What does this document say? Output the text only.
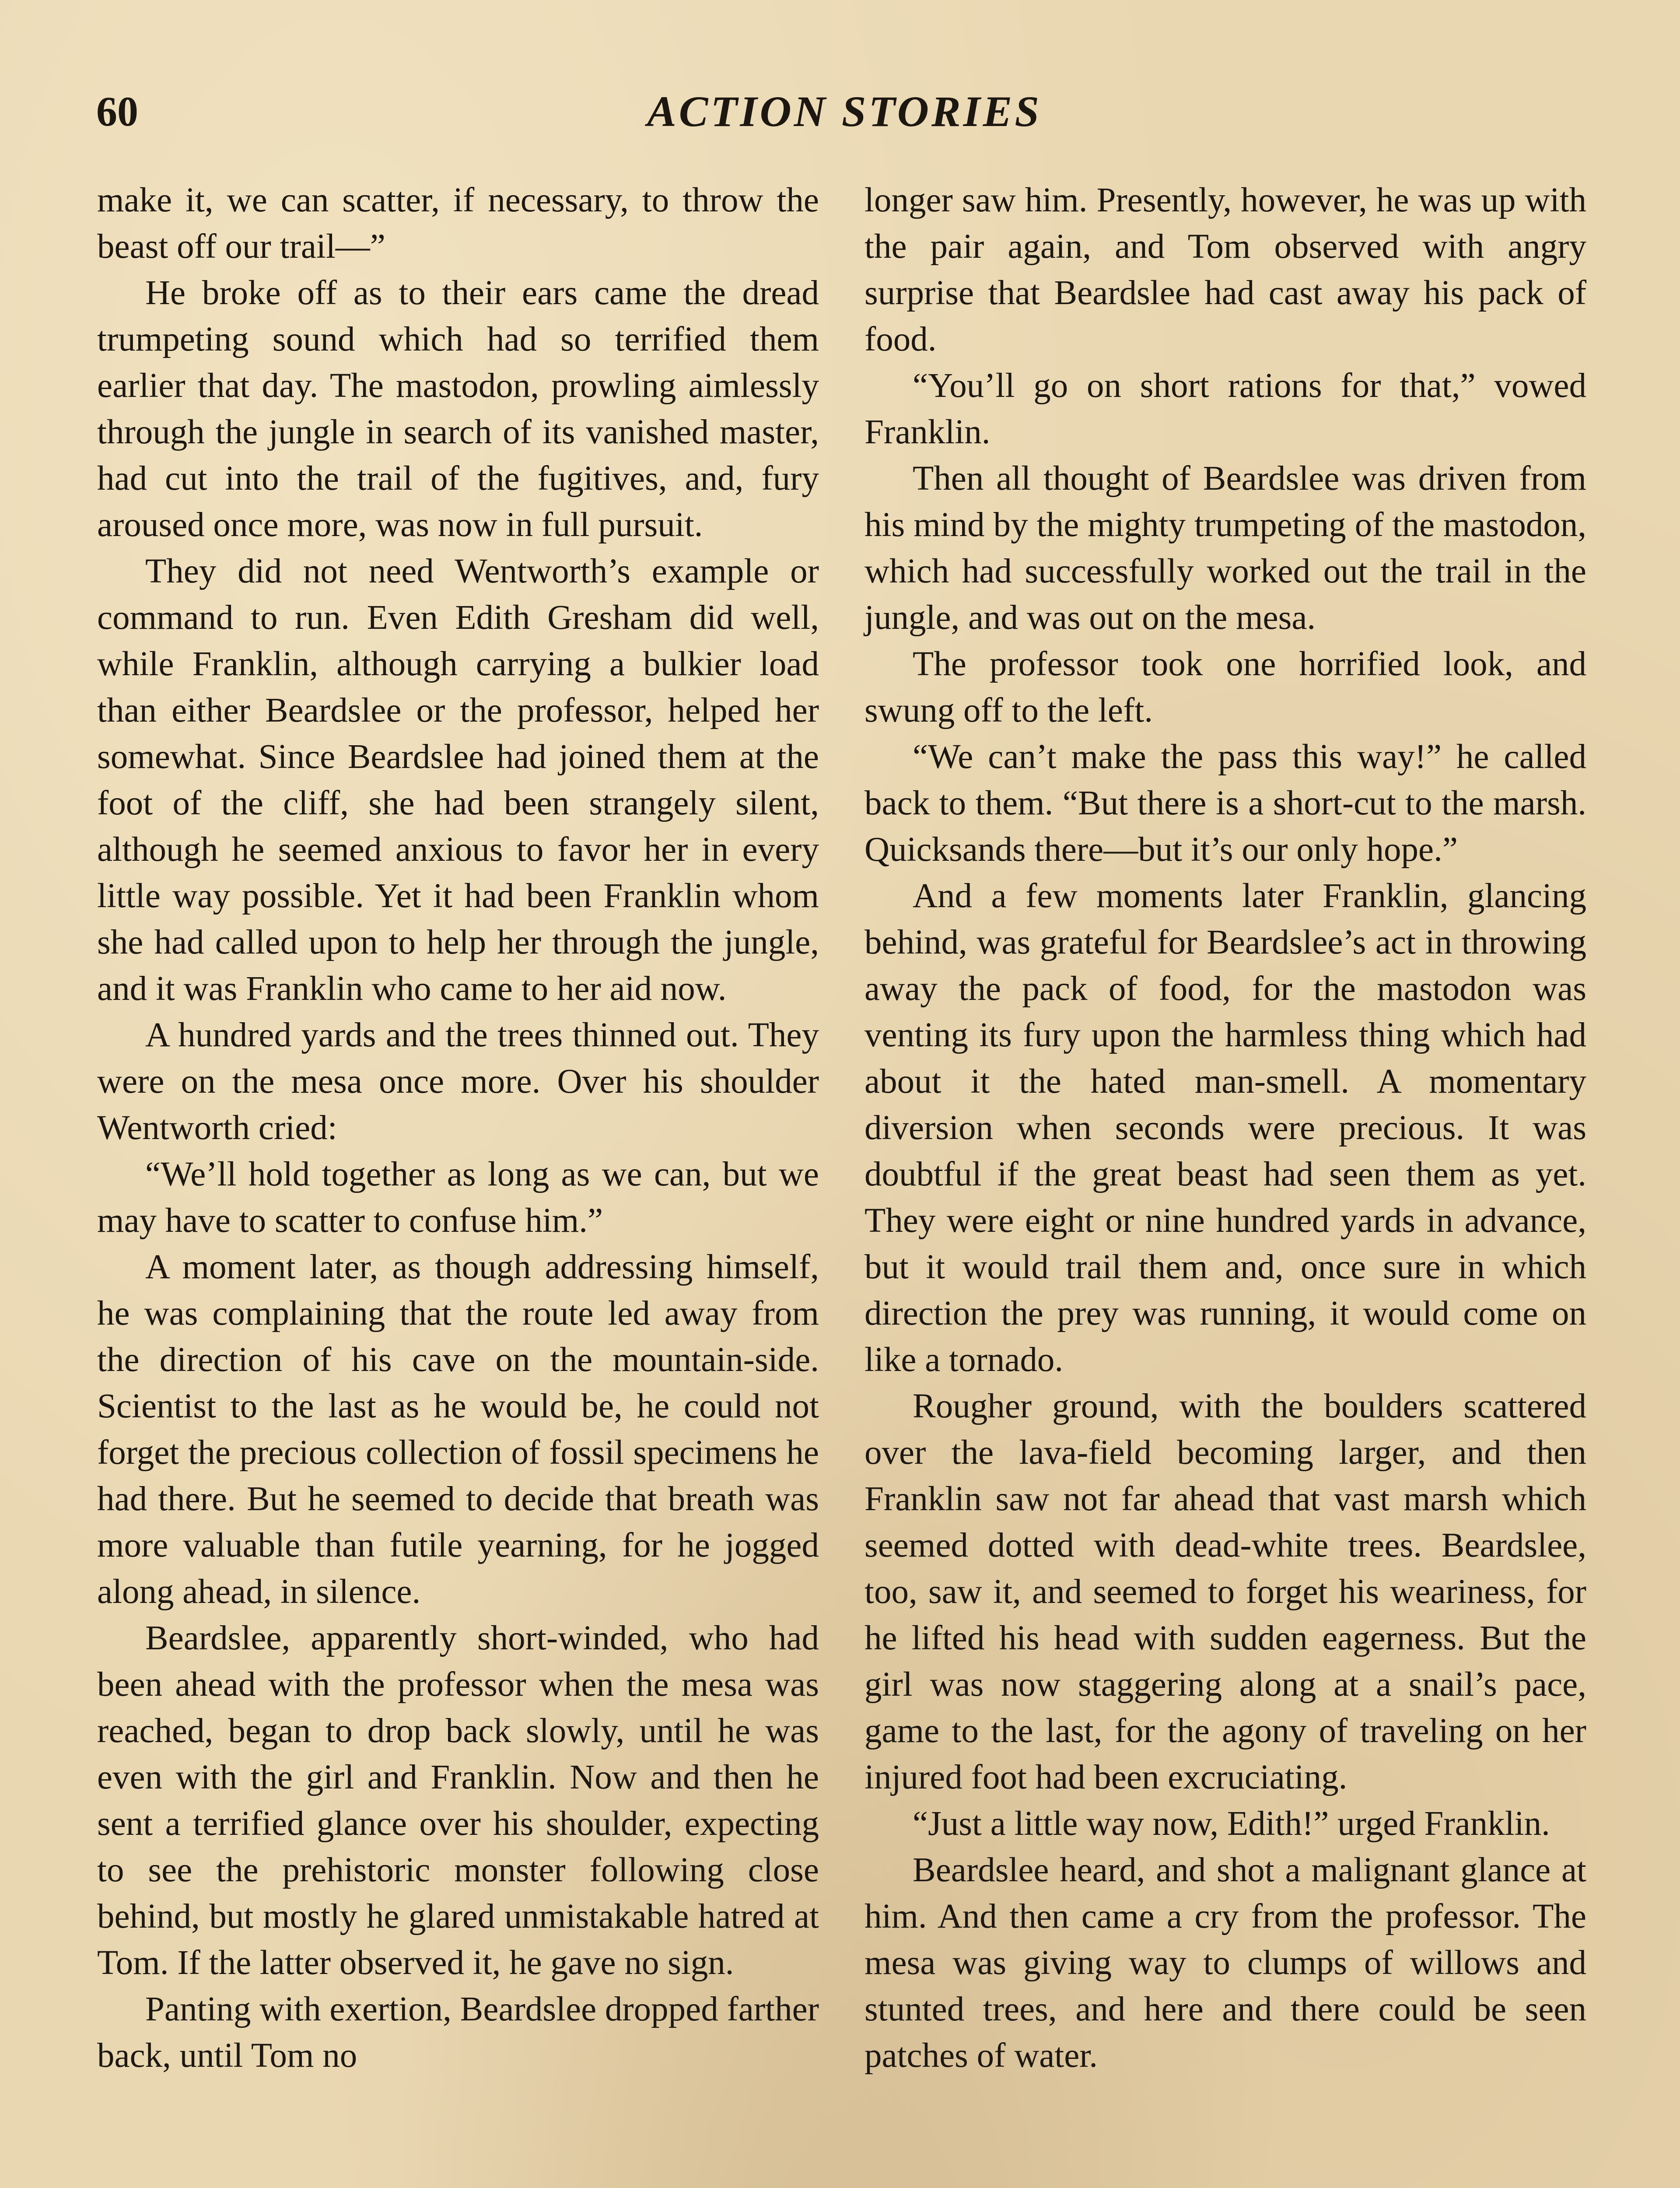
60	ACTION STORIES

make it, we can scatter, if necessary, to throw the beast off our trail—”

He broke off as to their ears came the dread trumpeting sound which had so terrified them earlier that day. The mastodon, prowling aimlessly through the jungle in search of its vanished master, had cut into the trail of the fugitives, and, fury aroused once more, was now in full pursuit.

They did not need Wentworth’s example or command to run. Even Edith Gresham did well, while Franklin, although carrying a bulkier load than either Beardslee or the professor, helped her somewhat. Since Beardslee had joined them at the foot of the cliff, she had been strangely silent, although he seemed anxious to favor her in every little way possible. Yet it had been Franklin whom she had called upon to help her through the jungle, and it was Franklin who came to her aid now.

A hundred yards and the trees thinned out. They were on the mesa once more. Over his shoulder Wentworth cried:

“We’ll hold together as long as we can, but we may have to scatter to confuse him.”

A moment later, as though addressing himself, he was complaining that the route led away from the direction of his cave on the mountain-side. Scientist to the last as he would be, he could not forget the precious collection of fossil specimens he had there. But he seemed to decide that breath was more valuable than futile yearning, for he jogged along ahead, in silence.

Beardslee, apparently short-winded, who had been ahead with the professor when the mesa was reached, began to drop back slowly, until he was even with the girl and Franklin. Now and then he sent a terrified glance over his shoulder, expecting to see the prehistoric monster following close behind, but mostly he glared unmistakable hatred at Tom. If the latter observed it, he gave no sign.

Panting with exertion, Beardslee dropped farther back, until Tom no

longer saw him. Presently, however, he was up with the pair again, and Tom observed with angry surprise that Beardslee had cast away his pack of food.

“You’ll go on short rations for that,” vowed Franklin.

Then all thought of Beardslee was driven from his mind by the mighty trumpeting of the mastodon, which had successfully worked out the trail in the jungle, and was out on the mesa.

The professor took one horrified look, and swung off to the left.

“We can’t make the pass this way!” he called back to them. “But there is a short-cut to the marsh. Quicksands there—but it’s our only hope.”

And a few moments later Franklin, glancing behind, was grateful for Beardslee’s act in throwing away the pack of food, for the mastodon was venting its fury upon the harmless thing which had about it the hated man-smell. A momentary diversion when seconds were precious. It was doubtful if the great beast had seen them as yet. They were eight or nine hundred yards in advance, but it would trail them and, once sure in which direction the prey was running, it would come on like a tornado.

Rougher ground, with the boulders scattered over the lava-field becoming larger, and then Franklin saw not far ahead that vast marsh which seemed dotted with dead-white trees. Beardslee, too, saw it, and seemed to forget his weariness, for he lifted his head with sudden eagerness. But the girl was now staggering along at a snail’s pace, game to the last, for the agony of traveling on her injured foot had been excruciating.

“Just a little way now, Edith!” urged Franklin.

Beardslee heard, and shot a malignant glance at him. And then came a cry from the professor. The mesa was giving way to clumps of willows and stunted trees, and here and there could be seen patches of water.
